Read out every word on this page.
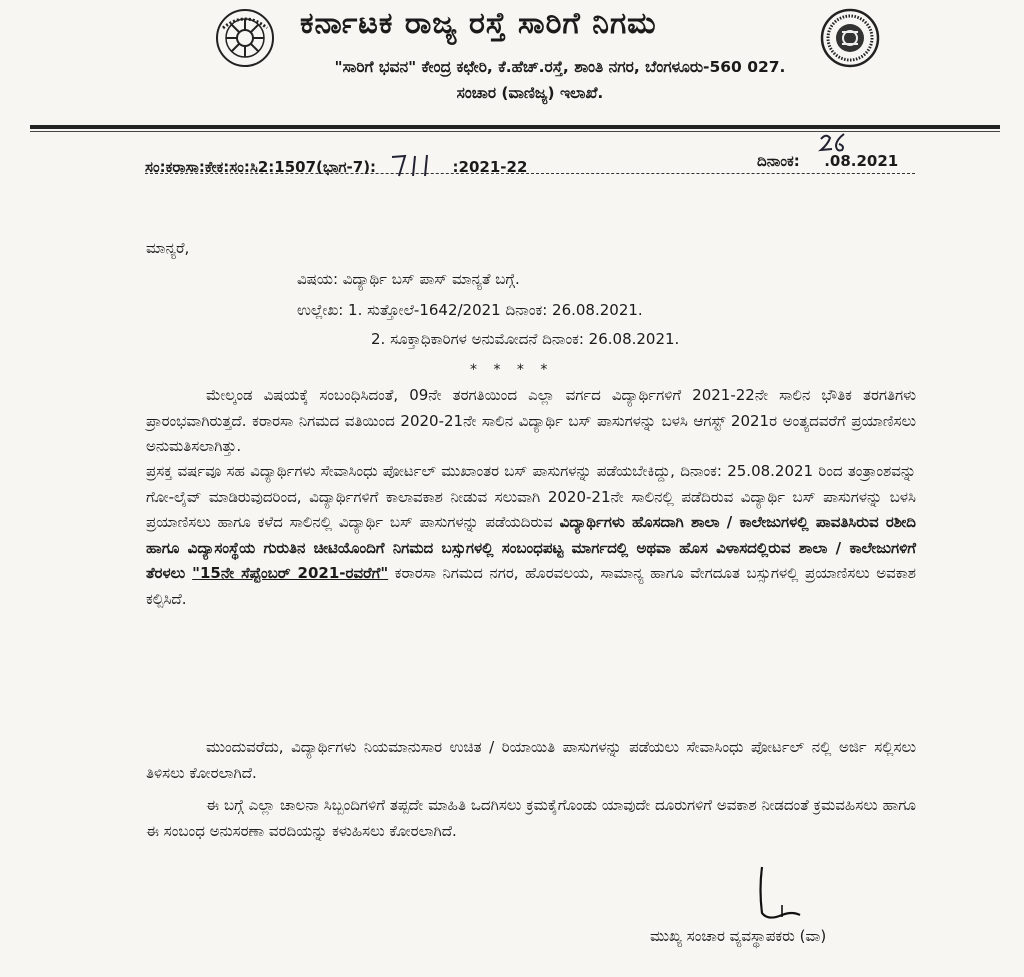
ಕರ್ನಾಟಕ ರಾಜ್ಯ ರಸ್ತೆ ಸಾರಿಗೆ ನಿಗಮ
"ಸಾರಿಗೆ ಭವನ" ಕೇಂದ್ರ ಕಛೇರಿ, ಕೆ.ಹೆಚ್.ರಸ್ತೆ, ಶಾಂತಿ ನಗರ, ಬೆಂಗಳೂರು-560 027.
ಸಂಚಾರ (ವಾಣಿಜ್ಯ) ಇಲಾಖೆ.
ಸಂ:ಕರಾಸಾ:ಕೇಕ:ಸಂ:ಸಿ2:1507(ಭಾಗ-7):	:2021-22	ದಿನಾಂಕ: .08.2021
ಮಾನ್ಯರೆ,
ವಿಷಯ: ವಿದ್ಯಾರ್ಥಿ ಬಸ್ ಪಾಸ್ ಮಾನ್ಯತೆ ಬಗ್ಗೆ.
ಉಲ್ಲೇಖ: 1. ಸುತ್ತೋಲೆ-1642/2021 ದಿನಾಂಕ: 26.08.2021.
2. ಸೂಕ್ತಾಧಿಕಾರಿಗಳ ಅನುಮೋದನೆ ದಿನಾಂಕ: 26.08.2021.
* * * *
ಮೇಲ್ಕಂಡ ವಿಷಯಕ್ಕೆ ಸಂಬಂಧಿಸಿದಂತೆ, 09ನೇ ತರಗತಿಯಿಂದ ಎಲ್ಲಾ ವರ್ಗದ ವಿದ್ಯಾರ್ಥಿಗಳಿಗೆ 2021-22ನೇ ಸಾಲಿನ ಭೌತಿಕ ತರಗತಿಗಳು ಪ್ರಾರಂಭವಾಗಿರುತ್ತದೆ. ಕರಾರಸಾ ನಿಗಮದ ವತಿಯಿಂದ 2020-21ನೇ ಸಾಲಿನ ವಿದ್ಯಾರ್ಥಿ ಬಸ್ ಪಾಸುಗಳನ್ನು ಬಳಸಿ ಆಗಸ್ಟ್ 2021ರ ಅಂತ್ಯದವರೆಗೆ ಪ್ರಯಾಣಿಸಲು ಅನುಮತಿಸಲಾಗಿತ್ತು.
ಪ್ರಸಕ್ತ ವರ್ಷವೂ ಸಹ ವಿದ್ಯಾರ್ಥಿಗಳು ಸೇವಾಸಿಂಧು ಪೋರ್ಟಲ್ ಮುಖಾಂತರ ಬಸ್ ಪಾಸುಗಳನ್ನು ಪಡೆಯಬೇಕಿದ್ದು, ದಿನಾಂಕ: 25.08.2021 ರಿಂದ ತಂತ್ರಾಂಶವನ್ನು ಗೋ-ಲೈವ್ ಮಾಡಿರುವುದರಿಂದ, ವಿದ್ಯಾರ್ಥಿಗಳಿಗೆ ಕಾಲಾವಕಾಶ ನೀಡುವ ಸಲುವಾಗಿ 2020-21ನೇ ಸಾಲಿನಲ್ಲಿ ಪಡೆದಿರುವ ವಿದ್ಯಾರ್ಥಿ ಬಸ್ ಪಾಸುಗಳನ್ನು ಬಳಸಿ ಪ್ರಯಾಣಿಸಲು ಹಾಗೂ ಕಳೆದ ಸಾಲಿನಲ್ಲಿ ವಿದ್ಯಾರ್ಥಿ ಬಸ್ ಪಾಸುಗಳನ್ನು ಪಡೆಯದಿರುವ ವಿದ್ಯಾರ್ಥಿಗಳು ಹೊಸದಾಗಿ ಶಾಲಾ / ಕಾಲೇಜುಗಳಲ್ಲಿ ಪಾವತಿಸಿರುವ ರಶೀದಿ ಹಾಗೂ ವಿದ್ಯಾಸಂಸ್ಥೆಯ ಗುರುತಿನ ಚೀಟಿಯೊಂದಿಗೆ ನಿಗಮದ ಬಸ್ಸುಗಳಲ್ಲಿ ಸಂಬಂಧಪಟ್ಟ ಮಾರ್ಗದಲ್ಲಿ ಅಥವಾ ಹೊಸ ವಿಳಾಸದಲ್ಲಿರುವ ಶಾಲಾ / ಕಾಲೇಜುಗಳಿಗೆ ತೆರಳಲು "15ನೇ ಸೆಪ್ಟೆಂಬರ್ 2021-ರವರೆಗೆ" ಕರಾರಸಾ ನಿಗಮದ ನಗರ, ಹೊರವಲಯ, ಸಾಮಾನ್ಯ ಹಾಗೂ ವೇಗದೂತ ಬಸ್ಸುಗಳಲ್ಲಿ ಪ್ರಯಾಣಿಸಲು ಅವಕಾಶ ಕಲ್ಪಿಸಿದೆ.
ಮುಂದುವರೆದು, ವಿದ್ಯಾರ್ಥಿಗಳು ನಿಯಮಾನುಸಾರ ಉಚಿತ / ರಿಯಾಯಿತಿ ಪಾಸುಗಳನ್ನು ಪಡೆಯಲು ಸೇವಾಸಿಂಧು ಪೋರ್ಟಲ್ ನಲ್ಲಿ ಅರ್ಜಿ ಸಲ್ಲಿಸಲು ತಿಳಿಸಲು ಕೋರಲಾಗಿದೆ.
ಈ ಬಗ್ಗೆ ಎಲ್ಲಾ ಚಾಲನಾ ಸಿಬ್ಬಂದಿಗಳಿಗೆ ತಪ್ಪದೇ ಮಾಹಿತಿ ಒದಗಿಸಲು ಕ್ರಮಕೈಗೊಂಡು ಯಾವುದೇ ದೂರುಗಳಿಗೆ ಅವಕಾಶ ನೀಡದಂತೆ ಕ್ರಮವಹಿಸಲು ಹಾಗೂ ಈ ಸಂಬಂಧ ಅನುಸರಣಾ ವರದಿಯನ್ನು ಕಳುಹಿಸಲು ಕೋರಲಾಗಿದೆ.
ಮುಖ್ಯ ಸಂಚಾರ ವ್ಯವಸ್ಥಾಪಕರು (ವಾ)
